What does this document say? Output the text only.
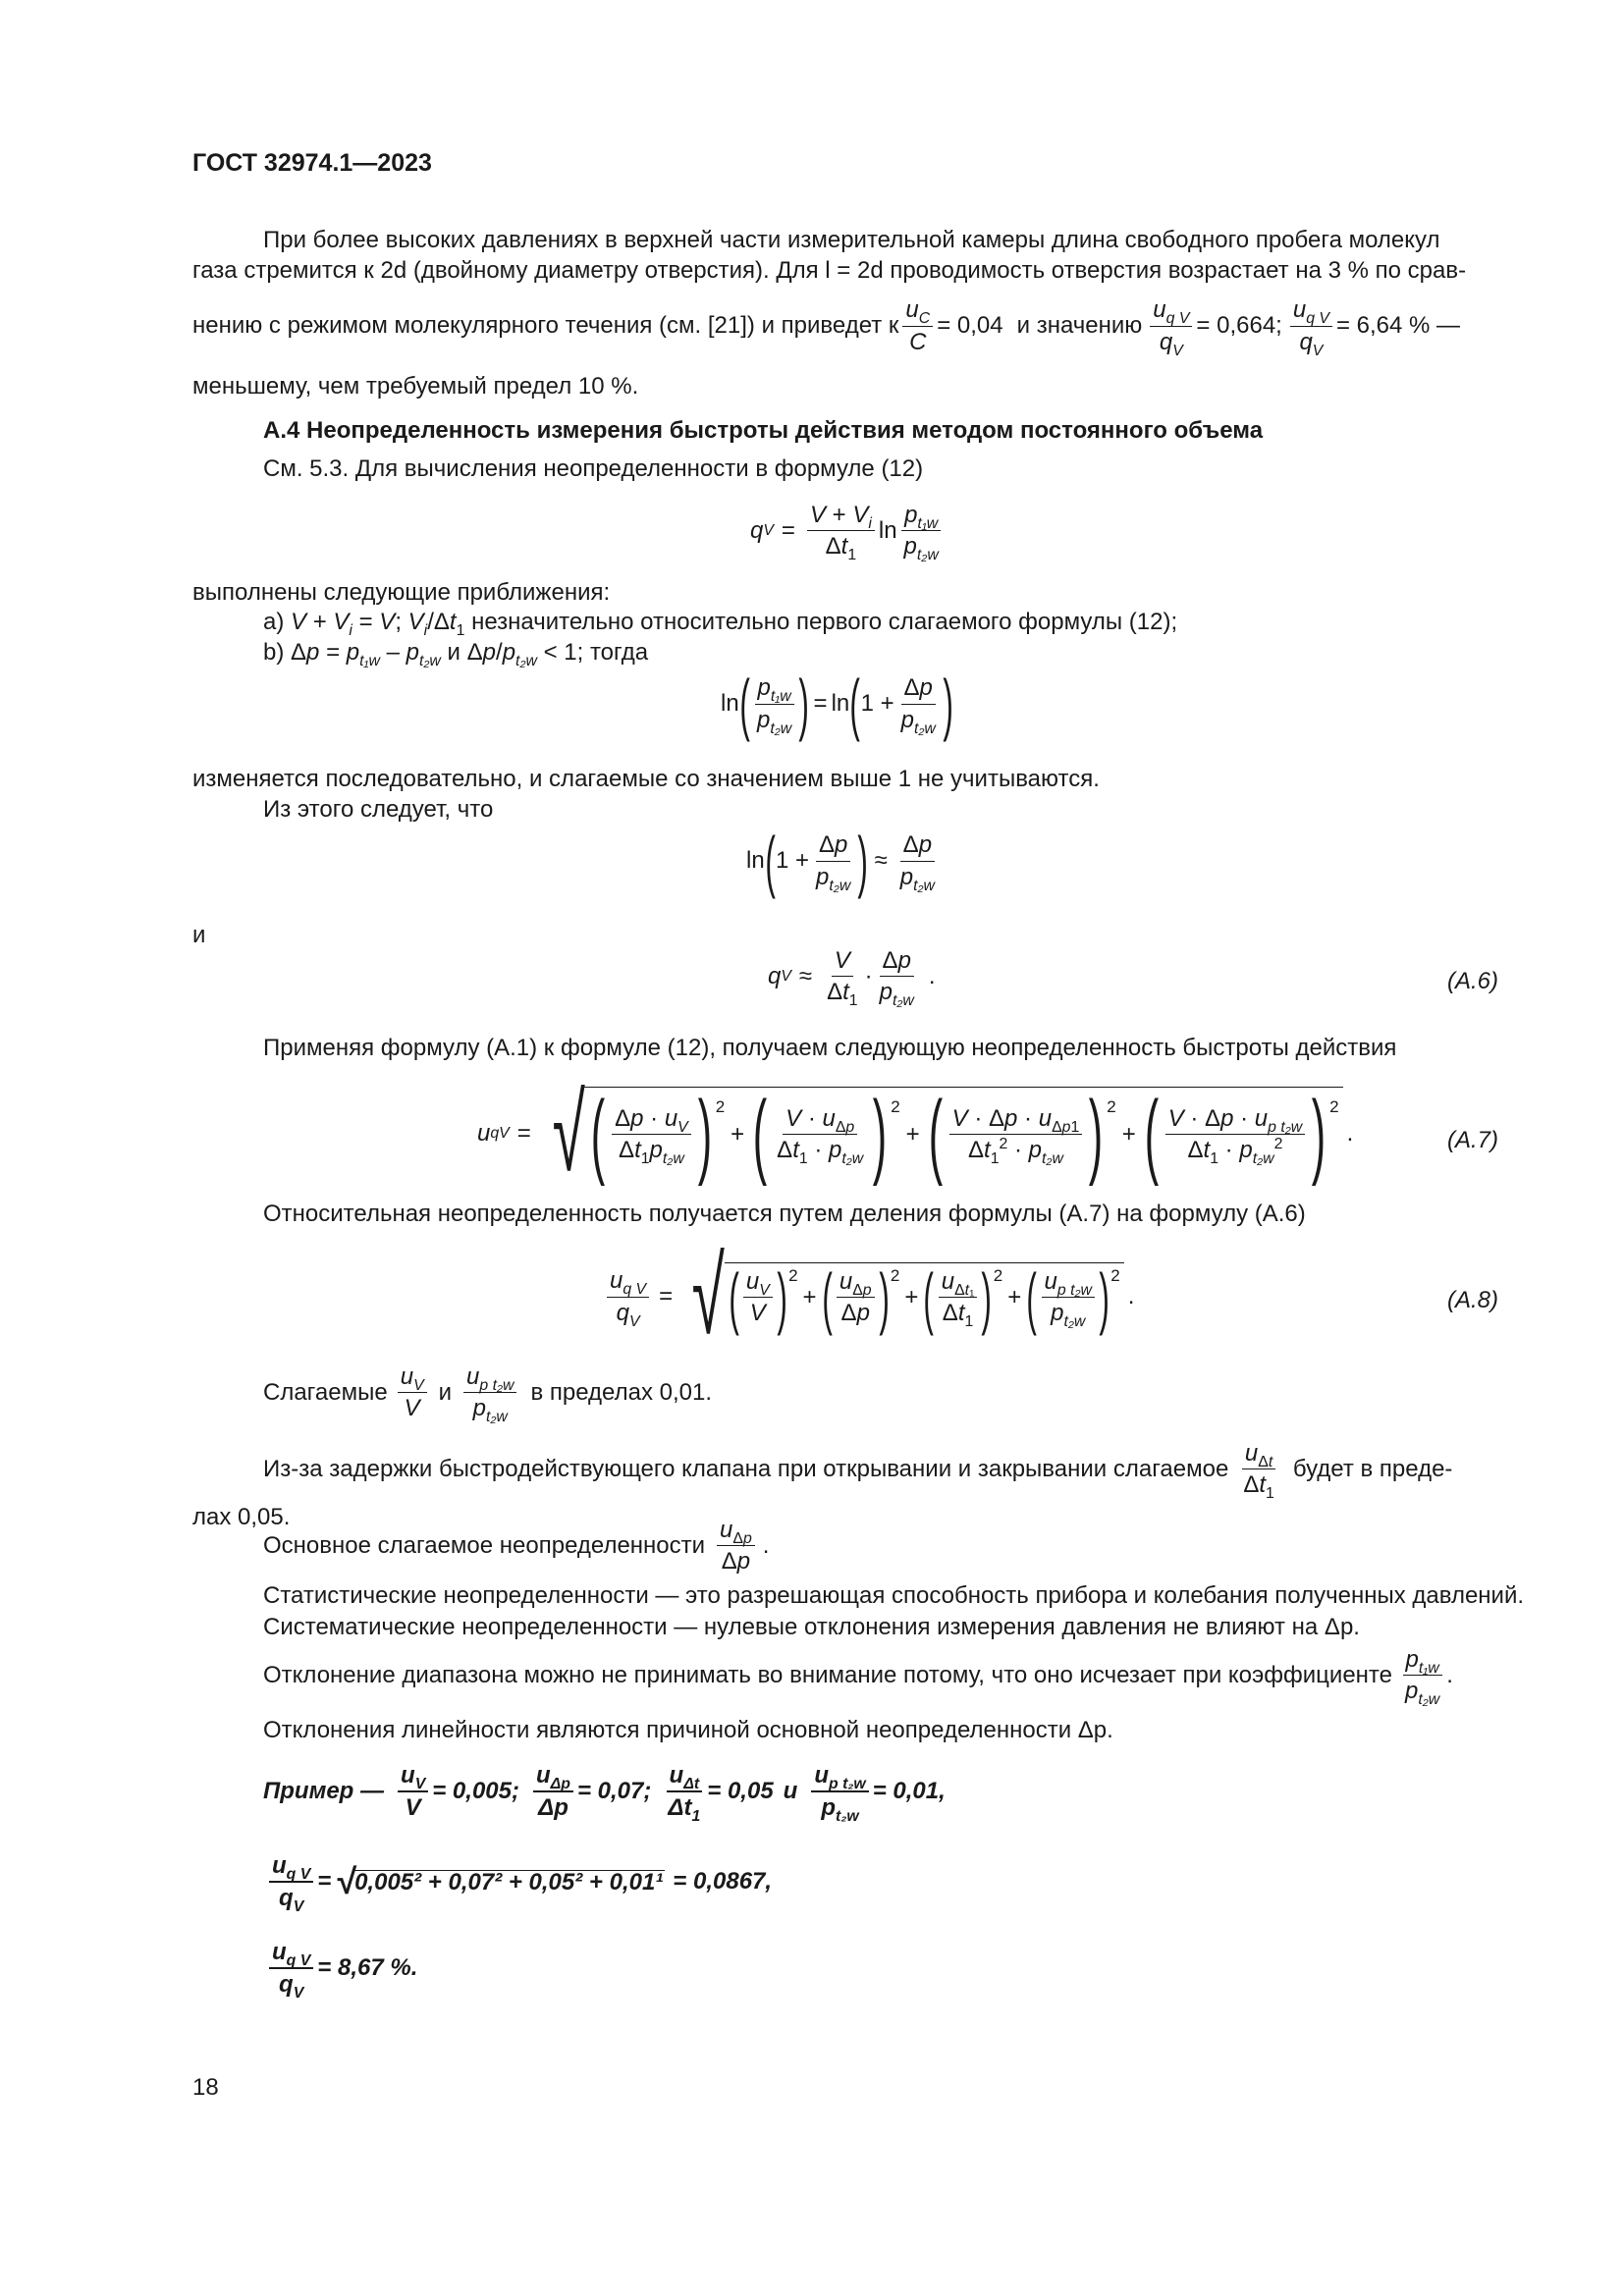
ГОСТ 32974.1—2023
При более высоких давлениях в верхней части измерительной камеры длина свободного пробега молекул
газа стремится к 2d (двойному диаметру отверстия). Для l = 2d проводимость отверстия возрастает на 3 % по срав-
нению с режимом молекулярного течения (см. [21]) и приведет к $\frac{u_C}{C} = 0,04$ и значению $\frac{u_{q V}}{q_V} = 0,664$; $\frac{u_{q V}}{q_V} = 6,64$ % —
меньшему, чем требуемый предел 10 %.
A.4 Неопределенность измерения быстроты действия методом постоянного объема
См. 5.3. Для вычисления неопределенности в формуле (12)
q $V = \frac{V + V_i}{\Delta t_1}$ $\ln \frac{p_{t_1w}}{p_{t_2w}}$
выполнены следующие приближения:
a) $V + V_i = V$; $V_i/\Delta t_1$ незначительно относительно первого слагаемого формулы (12);
b) $\Delta p = p_{t_1w} - p_{t_2w}$ и $\Delta p/p_{t_2w} < 1$; тогда
ln ( $\frac{p_{t_1w}}{p_{t_2w}}$ ) = ln ( $1 + \frac{\Delta p}{p_{t_2w}}$ )
изменяется последовательно, и слагаемые со значением выше 1 не учитываются.
Из этого следует, что
ln ( $1 + \frac{\Delta p}{p_{t_2w}}$ ) ≈ $\frac{\Delta p}{p_{t_2w}}$
и
q $V \approx \frac{V}{\Delta t_1} \cdot \frac{\Delta p}{p_{t_2w}}$ .	(A.6)
Применяя формулу (A.1) к формуле (12), получаем следующую неопределенность быстроты действия
u qV = √ ( $\frac{\Delta p \cdot u_V}{\Delta t_1p_{t_2w}}$ ) 2
+ ( $\frac{V \cdot u_{\Delta p}}{\Delta t_1 \cdot p_{t_2w}}$ ) 2
+ ( $\frac{V \cdot \Delta p \cdot u_{\Delta p1}}{\Delta t_1^2 \cdot p_{t_2w}}$ ) 2
+ ( $\frac{V \cdot \Delta p \cdot u_{p t_2w}}{\Delta t_1 \cdot p_{t_2w}^2}$ ) 2
.	(A.7)
Относительная неопределенность получается путем деления формулы (A.7) на формулу (A.6)
$\frac{u_{q V}}{q_V}$ = √ ( $\frac{u_V}{V}$ ) 2
+ ( $\frac{u_{\Delta p}}{\Delta p}$ ) 2
+ ( $\frac{u_{\Delta t_1}}{\Delta t_1}$ ) 2
+ ( $\frac{u_{p t_2w}}{p_{t_2w}}$ ) 2
.	(A.8)
Слагаемые $\frac{u_V}{V}$ и $\frac{u_{p t_2w}}{p_{t_2w}}$ в пределах 0,01.
Из-за задержки быстродействующего клапана при открывании и закрывании слагаемое $\frac{u_{\Delta t}}{\Delta t_1}$ будет в преде-
лах 0,05.
Основное слагаемое неопределенности $\frac{u_{\Delta p}}{\Delta p}$ .
Статистические неопределенности — это разрешающая способность прибора и колебания полученных давлений.
Систематические неопределенности — нулевые отклонения измерения давления не влияют на Δp.
Отклонение диапазона можно не принимать во внимание потому, что оно исчезает при коэффициенте $\frac{p_{t_1w}}{p_{t_2w}}$ .
Отклонения линейности являются причиной основной неопределенности Δp.
Пример — $\frac{u_V}{V} = 0,005$; $\frac{u_{\Delta p}}{\Delta p} = 0,07$; $\frac{u_{\Delta t}}{\Delta t_1} = 0,05$ и $\frac{u_{p t_2w}}{p_{t_2w}} = 0,01$,
$\frac{u_{q V}}{q_V}$ = √ 0,005² + 0,07² + 0,05² + 0,01¹ = 0,0867,
$\frac{u_{q V}}{q_V} = 8,67$ %.
18
